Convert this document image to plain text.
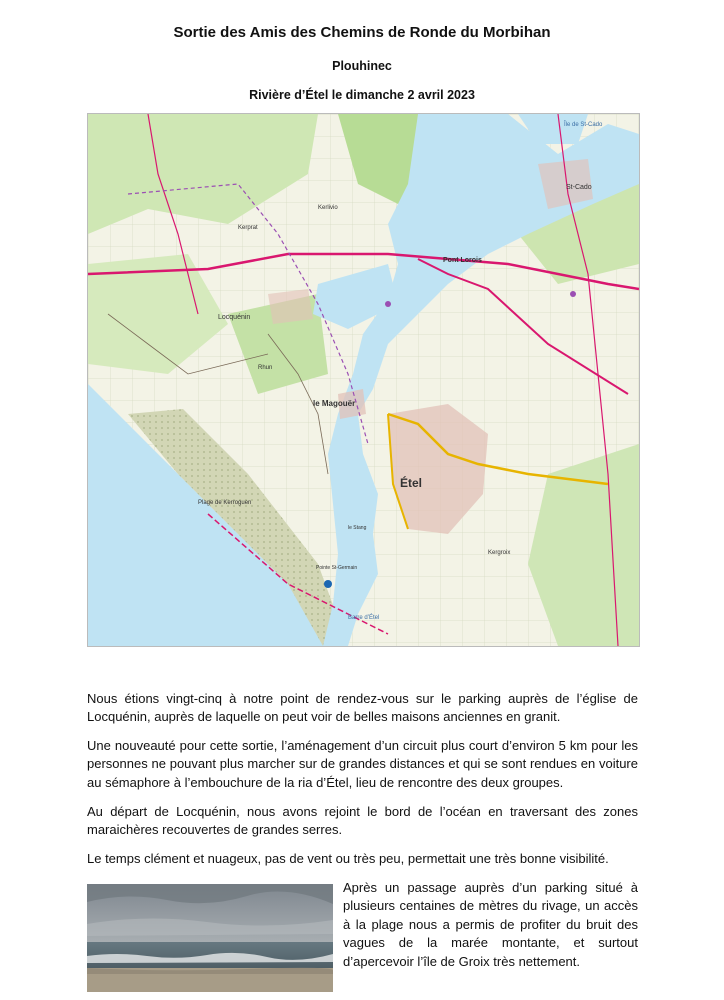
Sortie des Amis des Chemins de Ronde du Morbihan
Plouhinec
Rivière d’Étel le dimanche 2 avril 2023
Étel
le Magouër
Pont Lorois
Locquénin
St-Cado
Île de St-Cado
Plage de Kerroguen
Pointe St-Germain
Barre d’Étel
Kerlivio
Kerprat
le Stang
Kergroix
Rhun

Nous étions vingt-cinq à notre point de rendez-vous sur le parking auprès de l’église de Locquénin, auprès de laquelle on peut voir de belles maisons anciennes en granit.

Une nouveauté pour cette sortie, l’aménagement d’un circuit plus court d’environ 5 km pour les personnes ne pouvant plus marcher sur de grandes distances et qui se sont rendues en voiture au sémaphore à l’embouchure de la ria d’Étel, lieu de rencontre des deux groupes.

Au départ de Locquénin, nous avons rejoint le bord de l’océan en traversant des zones maraichères recouvertes de grandes serres.

Le temps clément et nuageux, pas de vent ou très peu, permettait une très bonne visibilité.

Après un passage auprès d’un parking situé à plusieurs centaines de mètres du rivage, un accès à la plage nous a permis de profiter du bruit des vagues de la marée montante, et surtout d’apercevoir l’île de Groix très nettement.
